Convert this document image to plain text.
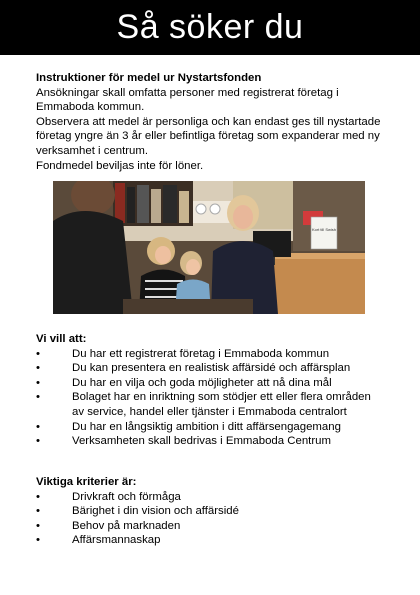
Så söker du
Instruktioner för medel ur Nystartsfonden

Ansökningar skall omfatta personer med registrerat företag i Emmaboda kommun.

Observera att medel är personliga och kan endast ges till nystartade företag yngre än 3 år eller befintliga företag som expanderar med ny verksamhet i centrum.

Fondmedel beviljas inte för löner.

Kort till Swish
Vi vill att:
•	Du har ett registrerat företag i Emmaboda kommun
•	Du kan presentera en realistisk affärsidé och affärsplan
•	Du har en vilja och goda möjligheter att nå dina mål
•	Bolaget har en inriktning som stödjer ett eller flera områden av service, handel eller tjänster i Emmaboda centralort
•	Du har en långsiktig ambition i ditt affärsengagemang
•	Verksamheten skall bedrivas i Emmaboda Centrum
Viktiga kriterier är:
•	Drivkraft och förmåga
•	Bärighet i din vision och affärsidé
•	Behov på marknaden
•	Affärsmannaskap
